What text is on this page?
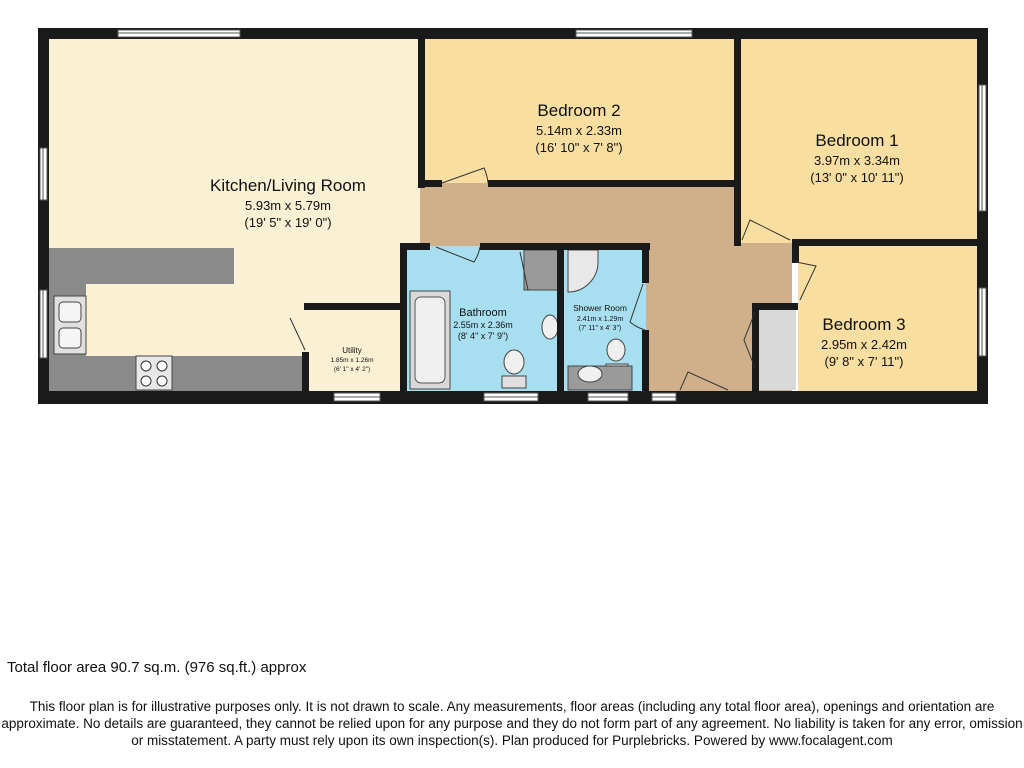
Kitchen/Living Room
5.93m x 5.79m
(19' 5" x 19' 0")
Bedroom 2
5.14m x 2.33m
(16' 10" x 7' 8")	Bedroom 1
3.97m x 3.34m
(13' 0" x 10' 11")
Bedroom 3
2.95m x 2.42m
(9' 8" x 7' 11")
Bathroom
2.55m x 2.36m
(8' 4" x 7' 9")
Shower Room
2.41m x 1.29m
(7' 11" x 4' 3")
Utility
1.85m x 1.26m
(6' 1" x 4' 2")
Total floor area 90.7 sq.m. (976 sq.ft.) approx
This floor plan is for illustrative purposes only. It is not drawn to scale. Any measurements, floor areas (including any total floor area), openings and orientation are
approximate. No details are guaranteed, they cannot be relied upon for any purpose and they do not form part of any agreement. No liability is taken for any error, omission
or misstatement. A party must rely upon its own inspection(s). Plan produced for Purplebricks. Powered by www.focalagent.com
